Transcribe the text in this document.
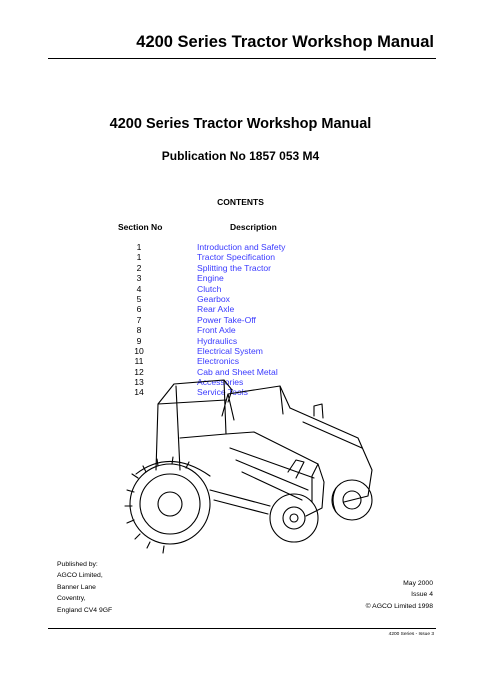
4200 Series Tractor Workshop Manual
4200 Series Tractor Workshop Manual
Publication No 1857 053 M4
CONTENTS
Section No	Description
1	Introduction and Safety
1	Tractor Specification
2	Splitting the Tractor
3	Engine
4	Clutch
5	Gearbox
6	Rear Axle
7	Power Take-Off
8	Front Axle
9	Hydraulics
10	Electrical System
11	Electronics
12	Cab and Sheet Metal
13	Accessories
14	Service Tools
Published by:
AGCO Limited,
Banner Lane
Coventry,
England CV4 9GF
May 2000
Issue 4
© AGCO Limited 1998
4200 Series - Issue 3
